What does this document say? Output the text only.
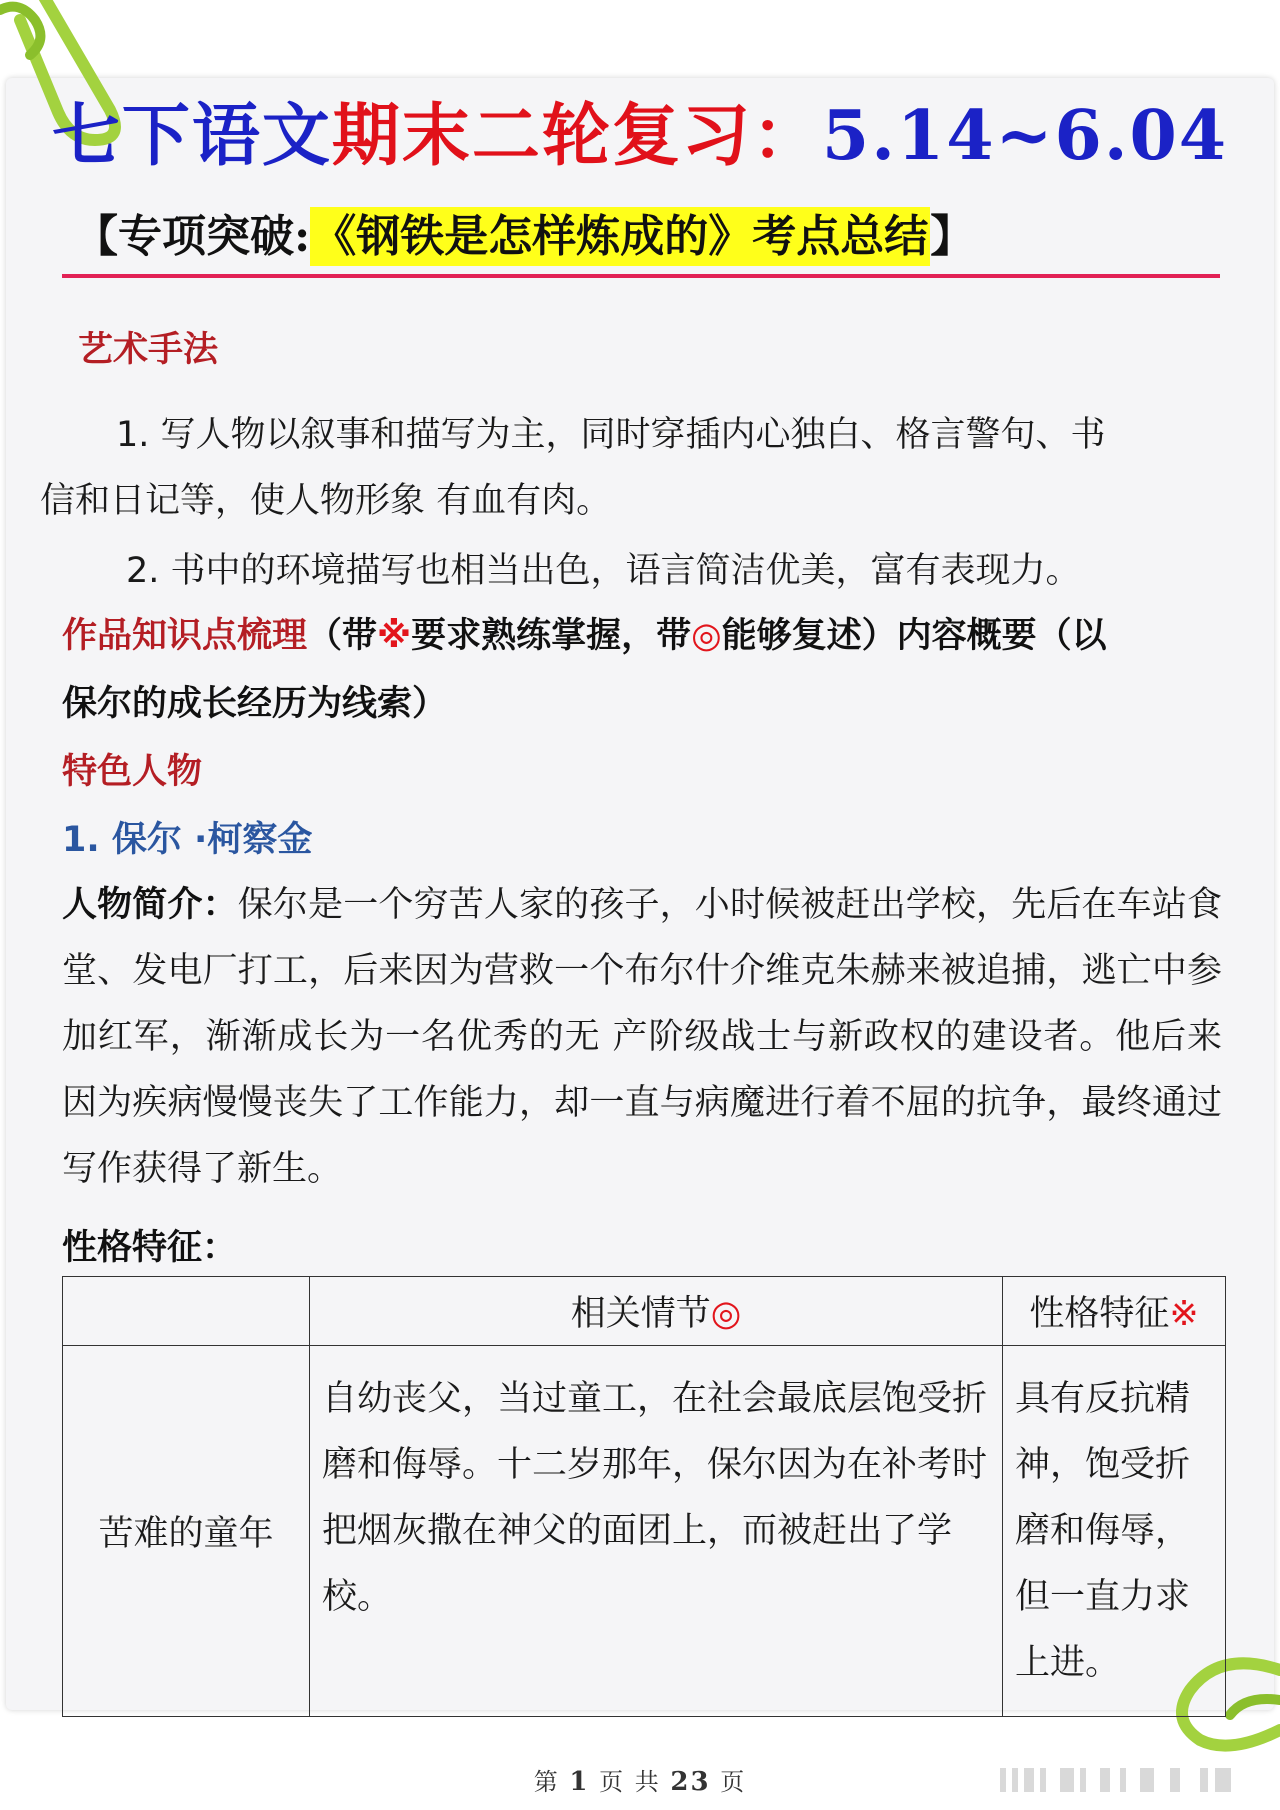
七下语文期末二轮复习：5.14~6.04
【专项突破:《钢铁是怎样炼成的》考点总结】
艺术手法
1. 写人物以叙事和描写为主，同时穿插内心独白、格言警句、书
信和日记等，使人物形象 有血有肉。
2. 书中的环境描写也相当出色，语言简洁优美，富有表现力。
作品知识点梳理（带※要求熟练掌握，带◎能够复述）内容概要（以
保尔的成长经历为线索）
特色人物
1. 保尔 ·柯察金
人物简介：保尔是一个穷苦人家的孩子，小时候被赶出学校，先后在车站食堂、发电厂打工，后来因为营救一个布尔什介维克朱赫来被追捕，逃亡中参加红军，渐渐成长为一名优秀的无 产阶级战士与新政权的建设者。他后来因为疾病慢慢丧失了工作能力，却一直与病魔进行着不屈的抗争，最终通过写作获得了新生。
性格特征：
	相关情节◎	性格特征※
苦难的童年	自幼丧父，当过童工，在社会最底层饱受折磨和侮辱。十二岁那年，保尔因为在补考时把烟灰撒在神父的面团上，而被赶出了学校。	具有反抗精神，饱受折磨和侮辱，但一直力求上进。
第 1 页 共 23 页
